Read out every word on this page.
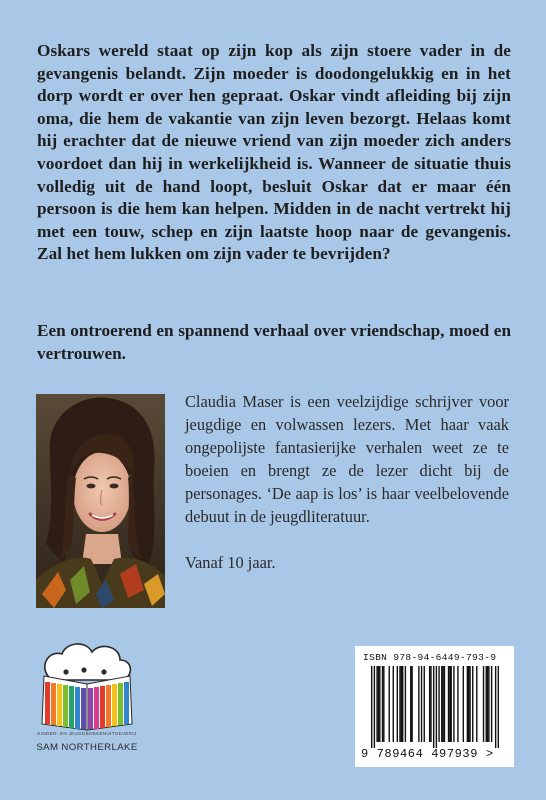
Oskars wereld staat op zijn kop als zijn stoere vader in de gevangenis belandt. Zijn moeder is doodongelukkig en in het dorp wordt er over hen gepraat. Oskar vindt afleiding bij zijn oma, die hem de vakantie van zijn leven bezorgt. Helaas komt hij erachter dat de nieuwe vriend van zijn moeder zich anders voordoet dan hij in werkelijkheid is. Wanneer de situatie thuis volledig uit de hand loopt, besluit Oskar dat er maar één persoon is die hem kan helpen. Midden in de nacht vertrekt hij met een touw, schep en zijn laatste hoop naar de gevangenis. Zal het hem lukken om zijn vader te bevrijden?

Een ontroerend en spannend verhaal over vriendschap, moed en vertrouwen.

Claudia Maser is een veelzijdige schrijver voor jeugdige en volwassen lezers. Met haar vaak ongepolijste fantasierijke verhalen weet ze te boeien en brengt ze de lezer dicht bij de personages. ‘De aap is los’ is haar veelbelovende debuut in de jeugdliteratuur.

Vanaf 10 jaar.

KINDER- EN JEUGDBOEKENUITGEVERIJ
SAM NORTHERLAKE
ISBN 978-94-6449-793-9
9 789464 497939 >
